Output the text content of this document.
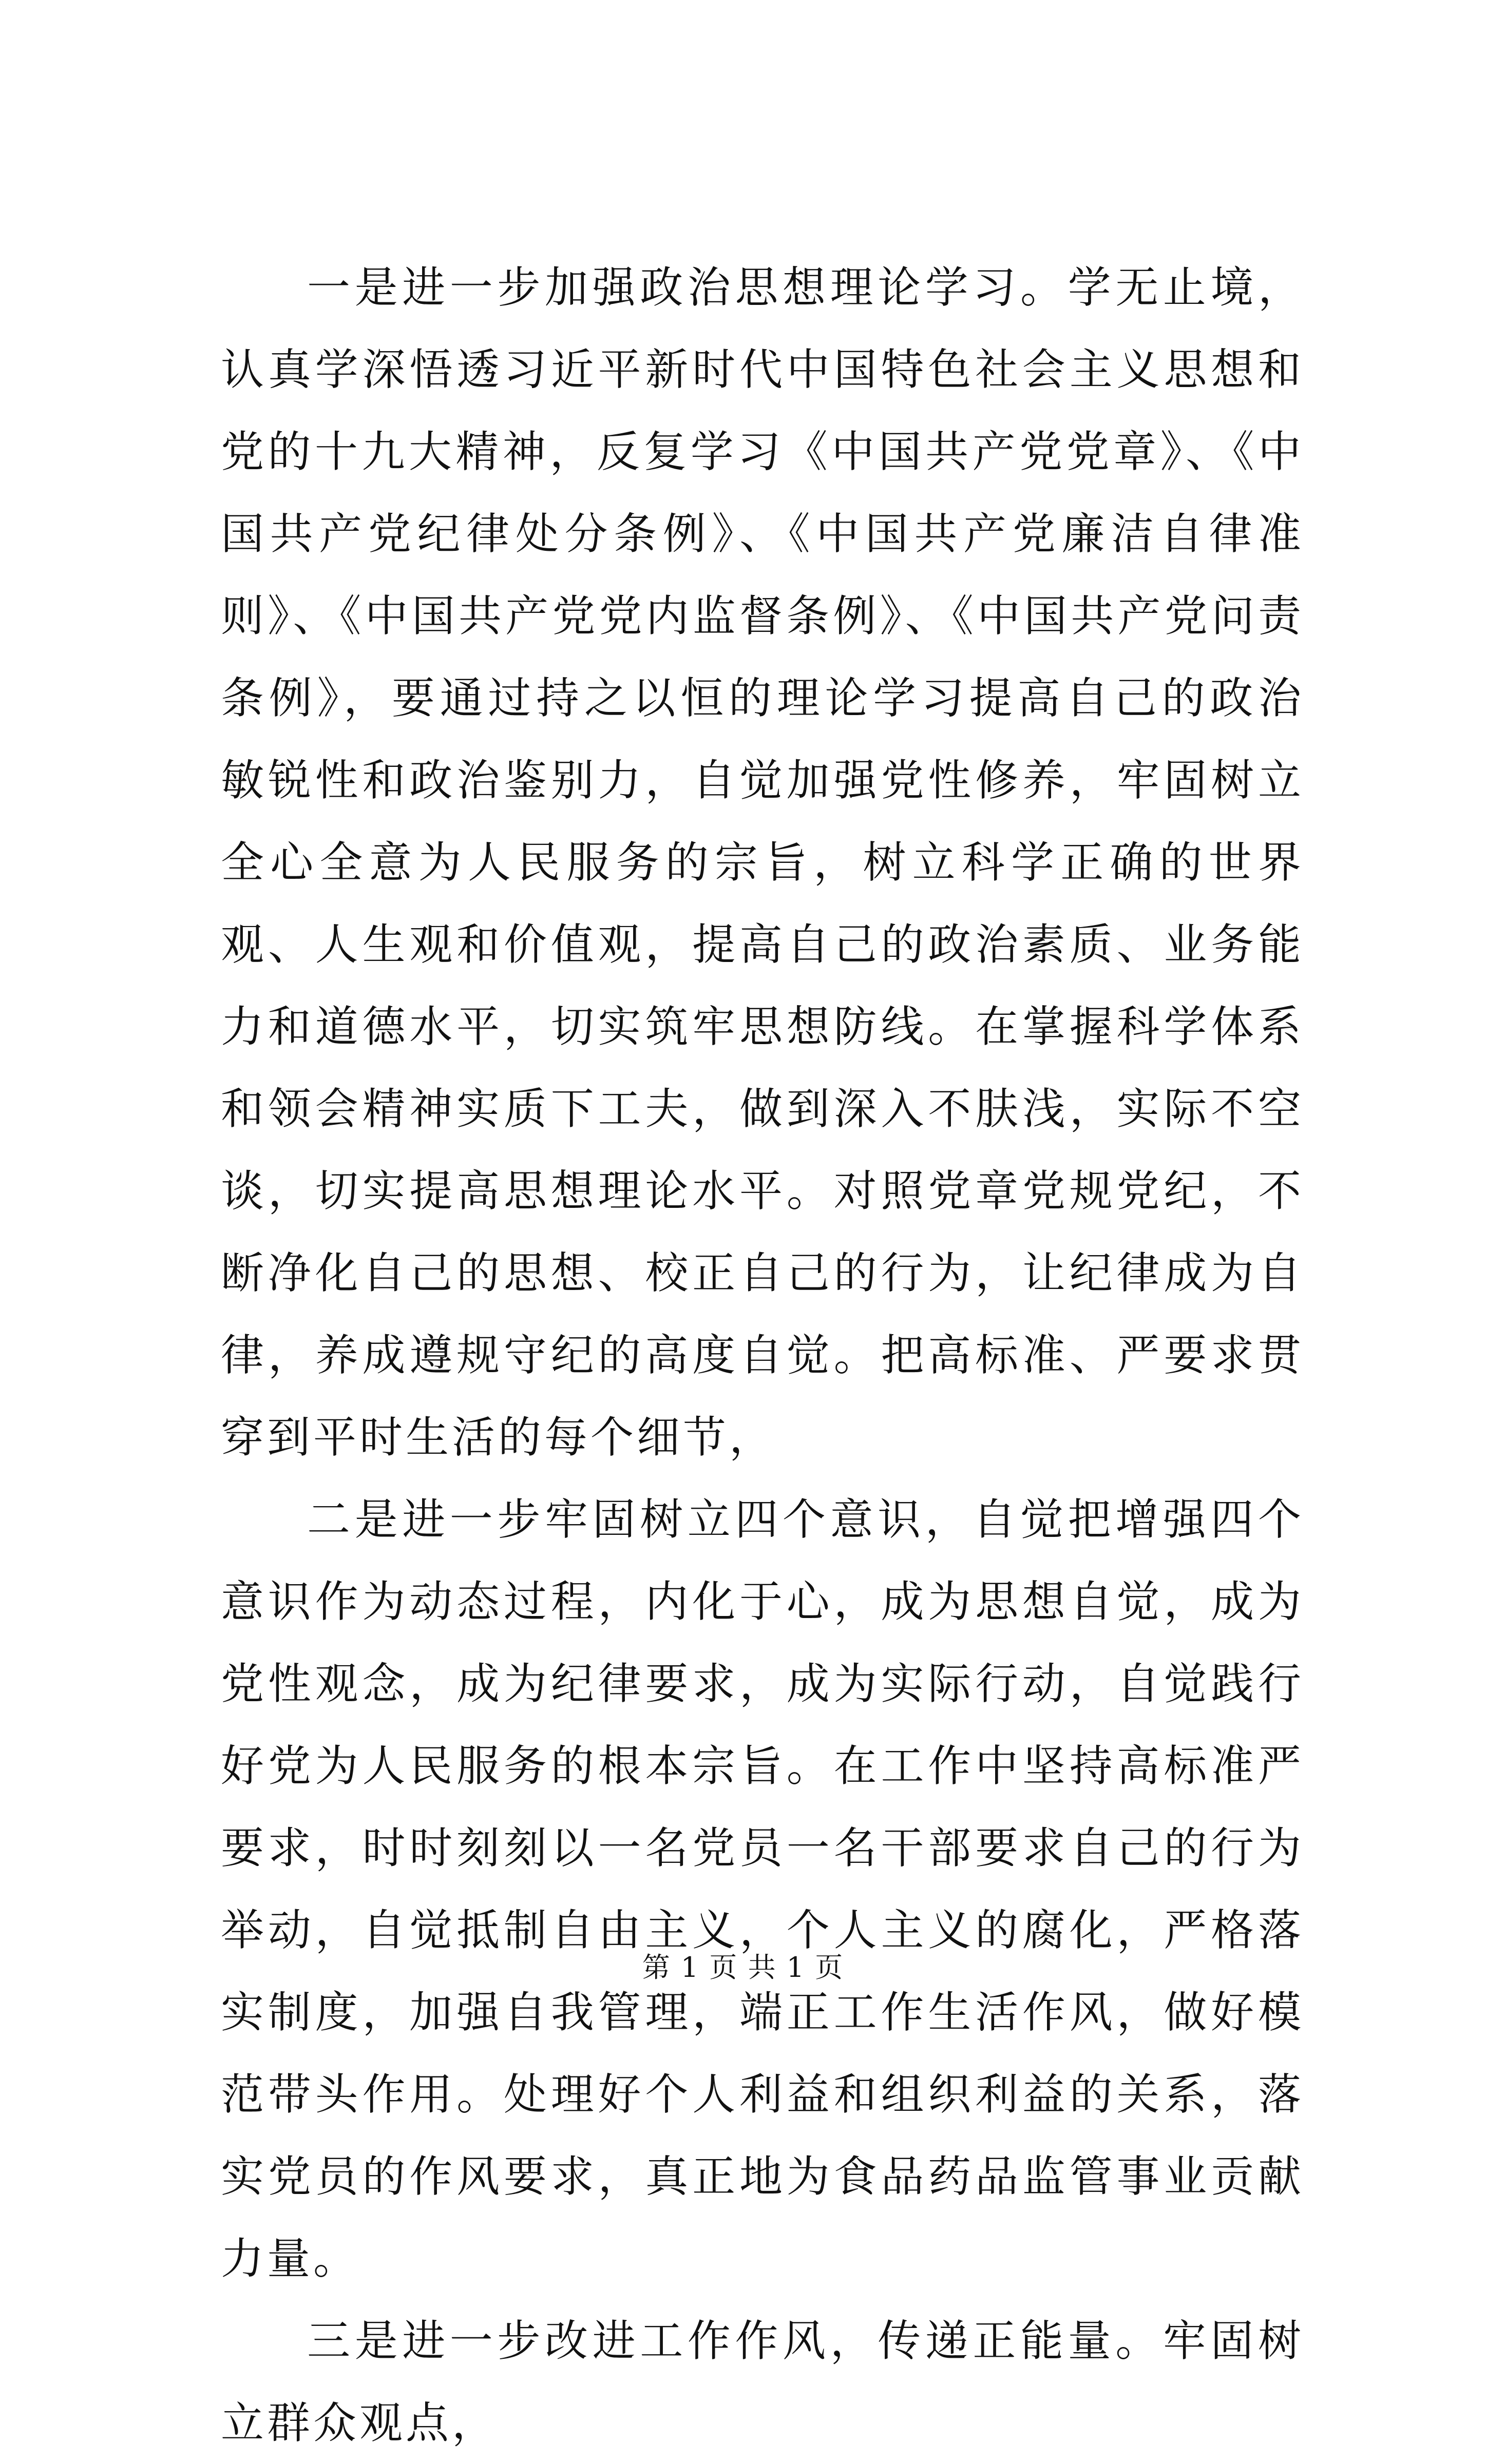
一是进一步加强政治思想理论学习。学无止境，认真学深悟透习近平新时代中国特色社会主义思想和党的十九大精神，反复学习《中国共产党党章》、《中国共产党纪律处分条例》、《中国共产党廉洁自律准则》、《中国共产党党内监督条例》、《中国共产党问责条例》，要通过持之以恒的理论学习提高自己的政治敏锐性和政治鉴别力，自觉加强党性修养，牢固树立全心全意为人民服务的宗旨，树立科学正确的世界观、人生观和价值观，提高自己的政治素质、业务能力和道德水平，切实筑牢思想防线。在掌握科学体系和领会精神实质下工夫，做到深入不肤浅，实际不空谈，切实提高思想理论水平。对照党章党规党纪，不断净化自己的思想、校正自己的行为，让纪律成为自律，养成遵规守纪的高度自觉。把高标准、严要求贯穿到平时生活的每个细节，

二是进一步牢固树立四个意识，自觉把增强四个意识作为动态过程，内化于心，成为思想自觉，成为党性观念，成为纪律要求，成为实际行动，自觉践行好党为人民服务的根本宗旨。在工作中坚持高标准严要求，时时刻刻以一名党员一名干部要求自己的行为举动，自觉抵制自由主义，个人主义的腐化，严格落实制度，加强自我管理，端正工作生活作风，做好模范带头作用。处理好个人利益和组织利益的关系，落实党员的作风要求，真正地为食品药品监管事业贡献力量。

三是进一步改进工作作风，传递正能量。牢固树立群众观点，

第 1 页 共 1 页
